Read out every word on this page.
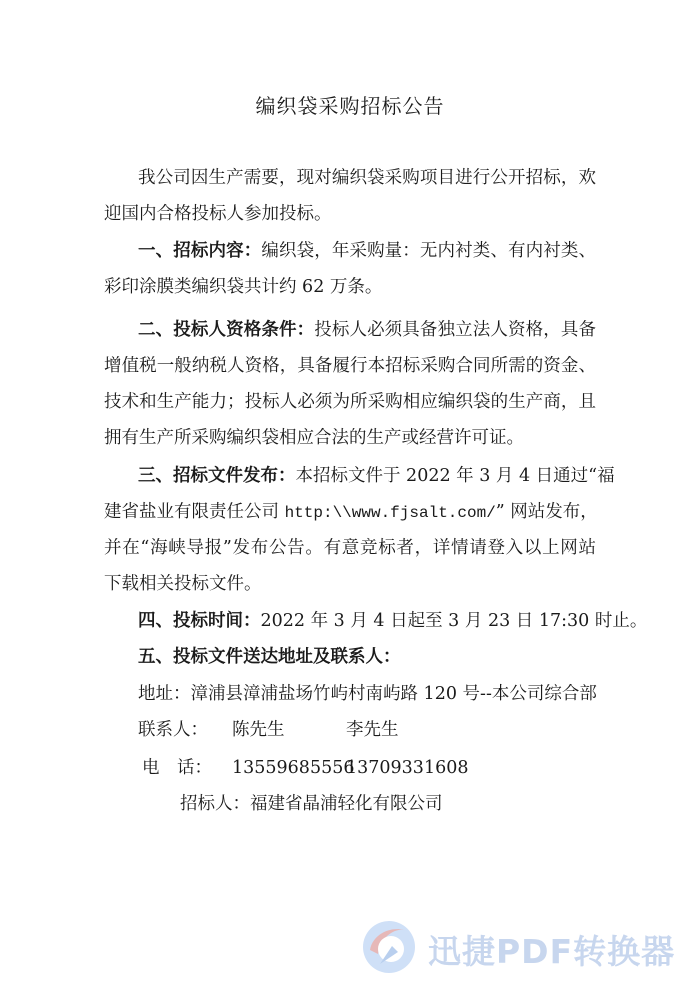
编织袋采购招标公告
我公司因生产需要，现对编织袋采购项目进行公开招标，欢
迎国内合格投标人参加投标。
一、招标内容：编织袋，年采购量：无内衬类、有内衬类、
彩印涂膜类编织袋共计约 62 万条。
二、投标人资格条件：投标人必须具备独立法人资格，具备
增值税一般纳税人资格，具备履行本招标采购合同所需的资金、
技术和生产能力；投标人必须为所采购相应编织袋的生产商，且
拥有生产所采购编织袋相应合法的生产或经营许可证。
三、招标文件发布：本招标文件于 2022 年 3 月 4 日通过“福
建省盐业有限责任公司 http:\\www.fjsalt.com/” 网站发布，
并在“海峡导报”发布公告。有意竞标者，详情请登入以上网站
下载相关投标文件。
四、投标时间：2022 年 3 月 4 日起至 3 月 23 日 17:30 时止。
五、投标文件送达地址及联系人：
地址：漳浦县漳浦盐场竹屿村南屿路 120 号--本公司综合部
联系人： 陈先生	李先生
电　话： 13559685556
13709331608
招标人：福建省晶浦轻化有限公司
迅捷PDF转换器
